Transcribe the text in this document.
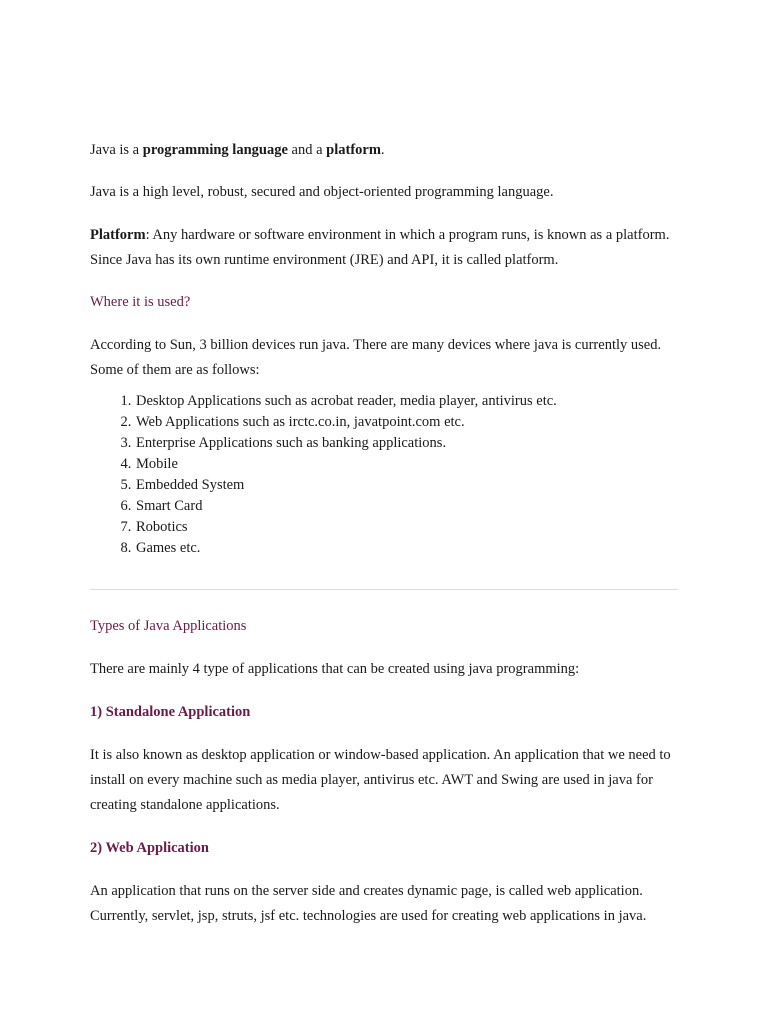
Java is a programming language and a platform.

Java is a high level, robust, secured and object-oriented programming language.

Platform: Any hardware or software environment in which a program runs, is known as a platform. Since Java has its own runtime environment (JRE) and API, it is called platform.

Where it is used?

According to Sun, 3 billion devices run java. There are many devices where java is currently used. Some of them are as follows:

1. Desktop Applications such as acrobat reader, media player, antivirus etc.
2. Web Applications such as irctc.co.in, javatpoint.com etc.
3. Enterprise Applications such as banking applications.
4. Mobile
5. Embedded System
6. Smart Card
7. Robotics
8. Games etc.

Types of Java Applications

There are mainly 4 type of applications that can be created using java programming:

1) Standalone Application

It is also known as desktop application or window-based application. An application that we need to install on every machine such as media player, antivirus etc. AWT and Swing are used in java for creating standalone applications.

2) Web Application

An application that runs on the server side and creates dynamic page, is called web application. Currently, servlet, jsp, struts, jsf etc. technologies are used for creating web applications in java.
